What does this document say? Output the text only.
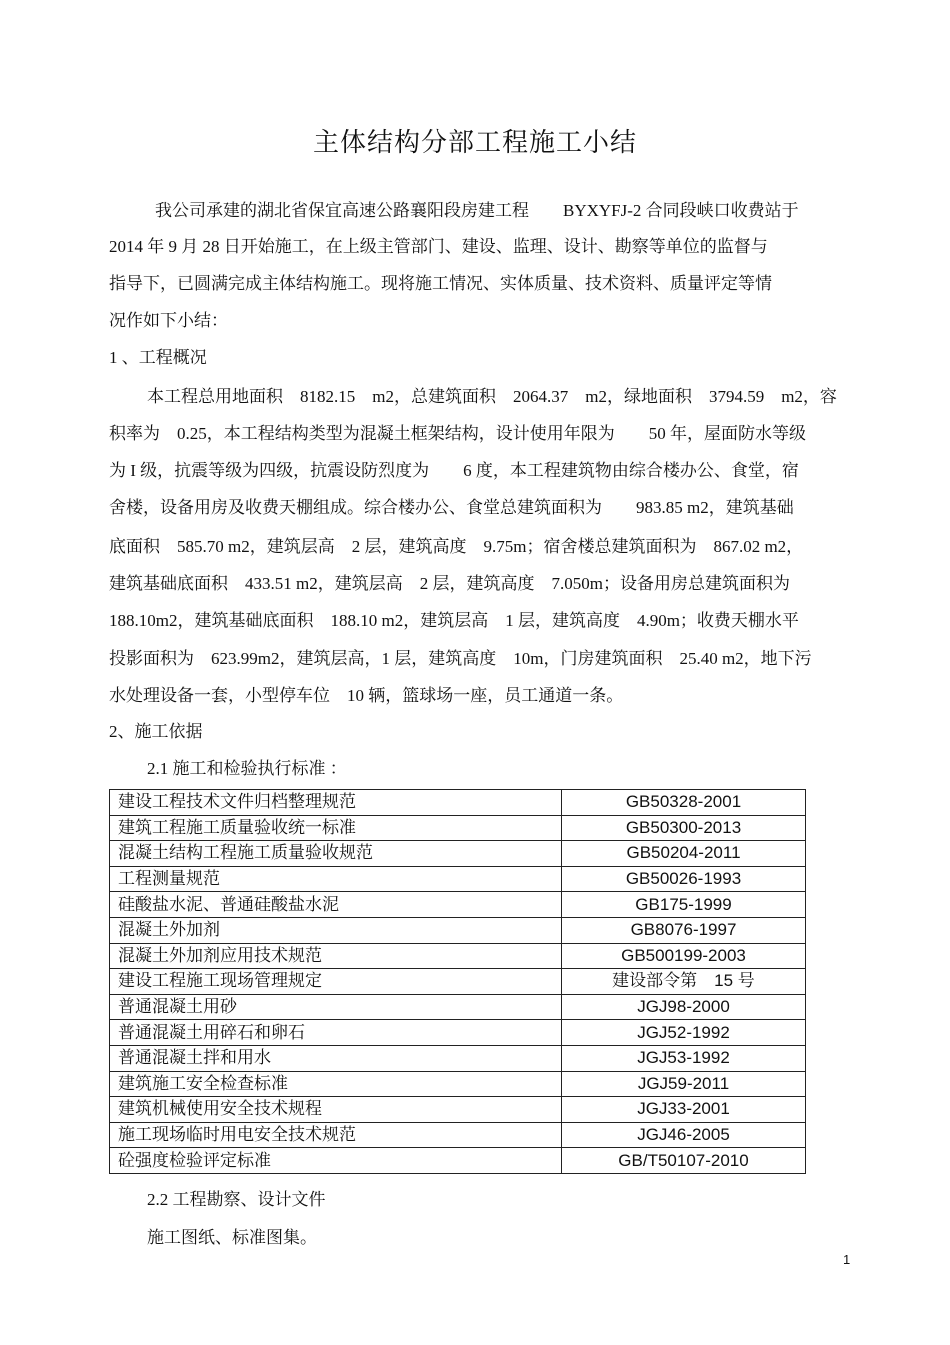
主体结构分部工程施工小结
我公司承建的湖北省保宜高速公路襄阳段房建工程　　BYXYFJ-2 合同段峡口收费站于
2014 年 9 月 28 日开始施工，在上级主管部门、建设、监理、设计、勘察等单位的监督与
指导下，已圆满完成主体结构施工。现将施工情况、实体质量、技术资料、质量评定等情
况作如下小结：
1 、工程概况
本工程总用地面积　8182.15　m2，总建筑面积　2064.37　m2，绿地面积　3794.59　m2，容
积率为　0.25，本工程结构类型为混凝土框架结构，设计使用年限为　　50 年，屋面防水等级
为 I 级，抗震等级为四级，抗震设防烈度为　　6 度，本工程建筑物由综合楼办公、食堂，宿
舍楼，设备用房及收费天棚组成。综合楼办公、食堂总建筑面积为　　983.85 m2，建筑基础
底面积　585.70 m2，建筑层高　2 层，建筑高度　9.75m；宿舍楼总建筑面积为　867.02 m2，
建筑基础底面积　433.51 m2，建筑层高　2 层，建筑高度　7.050m；设备用房总建筑面积为
188.10m2，建筑基础底面积　188.10 m2，建筑层高　1 层，建筑高度　4.90m；收费天棚水平
投影面积为　623.99m2，建筑层高，1 层，建筑高度　10m，门房建筑面积　25.40 m2，地下污
水处理设备一套，小型停车位　10 辆，篮球场一座，员工通道一条。
2、施工依据
2.1 施工和检验执行标准 ：
建设工程技术文件归档整理规范	GB50328-2001
建筑工程施工质量验收统一标准	GB50300-2013
混凝土结构工程施工质量验收规范	GB50204-2011
工程测量规范	GB50026-1993
硅酸盐水泥、普通硅酸盐水泥	GB175-1999
混凝土外加剂	GB8076-1997
混凝土外加剂应用技术规范	GB500199-2003
建设工程施工现场管理规定	建设部令第　15 号
普通混凝土用砂	JGJ98-2000
普通混凝土用碎石和卵石	JGJ52-1992
普通混凝土拌和用水	JGJ53-1992
建筑施工安全检查标准	JGJ59-2011
建筑机械使用安全技术规程	JGJ33-2001
施工现场临时用电安全技术规范	JGJ46-2005
砼强度检验评定标准	GB/T50107-2010
2.2 工程勘察、设计文件
施工图纸、标准图集。
1
